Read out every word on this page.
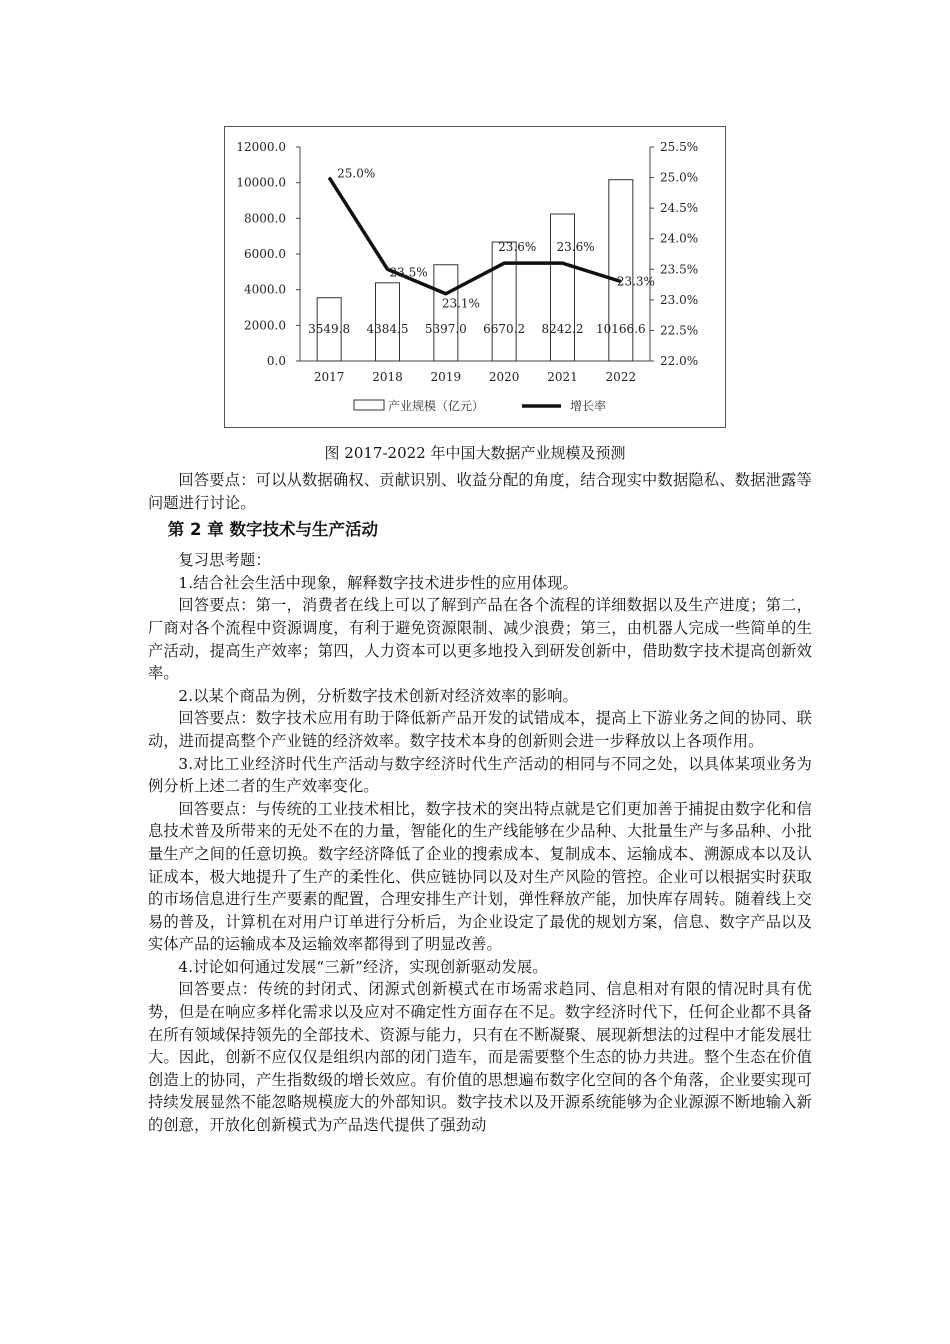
0.0
2000.0
4000.0
6000.0
8000.0
10000.0
12000.0
22.0%
22.5%
23.0%
23.5%
24.0%
24.5%
25.0%
25.5%
3549.8
2017
4384.5
2018
5397.0
2019
6670.2
2020
8242.2
2021
10166.6
2022
25.0%
23.5%
23.1%
23.6% 23.6%
23.3%
产业规模（亿元）	增长率
图 2017-2022 年中国大数据产业规模及预测

回答要点：可以从数据确权、贡献识别、收益分配的角度，结合现实中数据隐私、数据泄露等问题进行讨论。

第 2 章 数字技术与生产活动

复习思考题：

1.结合社会生活中现象，解释数字技术进步性的应用体现。

回答要点：第一，消费者在线上可以了解到产品在各个流程的详细数据以及生产进度；第二，厂商对各个流程中资源调度，有利于避免资源限制、减少浪费；第三，由机器人完成一些简单的生产活动，提高生产效率；第四，人力资本可以更多地投入到研发创新中，借助数字技术提高创新效率。

2.以某个商品为例，分析数字技术创新对经济效率的影响。

回答要点：数字技术应用有助于降低新产品开发的试错成本，提高上下游业务之间的协同、联动，进而提高整个产业链的经济效率。数字技术本身的创新则会进一步释放以上各项作用。

3.对比工业经济时代生产活动与数字经济时代生产活动的相同与不同之处，以具体某项业务为例分析上述二者的生产效率变化。

回答要点：与传统的工业技术相比，数字技术的突出特点就是它们更加善于捕捉由数字化和信息技术普及所带来的无处不在的力量，智能化的生产线能够在少品种、大批量生产与多品种、小批量生产之间的任意切换。数字经济降低了企业的搜索成本、复制成本、运输成本、溯源成本以及认证成本，极大地提升了生产的柔性化、供应链协同以及对生产风险的管控。企业可以根据实时获取的市场信息进行生产要素的配置，合理安排生产计划，弹性释放产能，加快库存周转。随着线上交易的普及，计算机在对用户订单进行分析后，为企业设定了最优的规划方案，信息、数字产品以及实体产品的运输成本及运输效率都得到了明显改善。

4.讨论如何通过发展“三新”经济，实现创新驱动发展。

回答要点：传统的封闭式、闭源式创新模式在市场需求趋同、信息相对有限的情况时具有优势，但是在响应多样化需求以及应对不确定性方面存在不足。数字经济时代下，任何企业都不具备在所有领域保持领先的全部技术、资源与能力，只有在不断凝聚、展现新想法的过程中才能发展壮大。因此，创新不应仅仅是组织内部的闭门造车，而是需要整个生态的协力共进。整个生态在价值创造上的协同，产生指数级的增长效应。有价值的思想遍布数字化空间的各个角落，企业要实现可持续发展显然不能忽略规模庞大的外部知识。数字技术以及开源系统能够为企业源源不断地输入新的创意，开放化创新模式为产品迭代提供了强劲动
